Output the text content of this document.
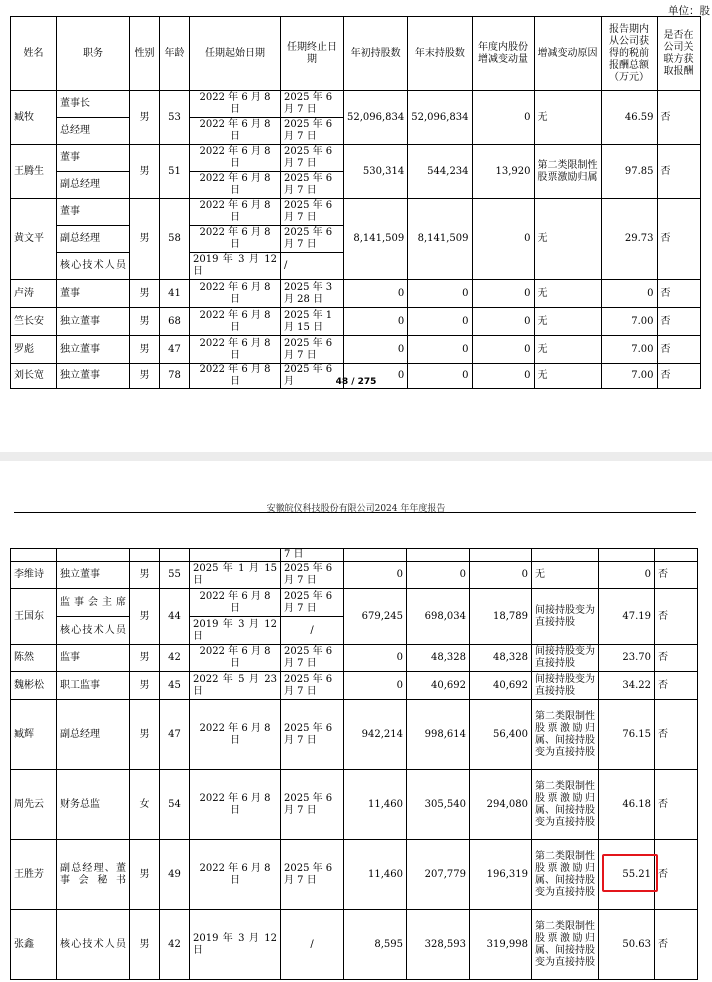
单位：股
姓名	职务	性别	年龄	任期起始日期	任期终止日期	年初持股数	年末持股数	年度内股份增减变动量	增减变动原因	报告期内从公司获得的税前报酬总额（万元）	是否在公司关联方获取报酬
臧牧	董事长	男	53	2022 年 6 月 8 日	2025 年 6 月 7 日	52,096,834	52,096,834	0	无	46.59	否
	总经理			2022 年 6 月 8 日	2025 年 6 月 7 日						
王腾生	董事	男	51	2022 年 6 月 8 日	2025 年 6 月 7 日	530,314	544,234	13,920	第二类限制性股票激励归属	97.85	否
	副总经理			2022 年 6 月 8 日	2025 年 6 月 7 日						
黄文平	董事	男	58	2022 年 6 月 8 日	2025 年 6 月 7 日	8,141,509	8,141,509	0	无	29.73	否
	副总经理			2022 年 6 月 8 日	2025 年 6 月 7 日						
	核心技术人员			2019 年 3 月 12 日	/						
卢涛	董事	男	41	2022 年 6 月 8 日	2025 年 3 月 28 日	0	0	0	无	0	否
竺长安	独立董事	男	68	2022 年 6 月 8 日	2025 年 1 月 15 日	0	0	0	无	7.00	否
罗彪	独立董事	男	47	2022 年 6 月 8 日	2025 年 6 月 7 日	0	0	0	无	7.00	否
刘长宽	独立董事	男	78	2022 年 6 月 8 日	2025 年 6 月	0	0	0	无	7.00	否
48 / 275
安徽皖仪科技股份有限公司2024 年年度报告
					7 日						
李维诗	独立董事	男	55	2025 年 1 月 15 日	2025 年 6 月 7 日	0	0	0	无	0	否
王国东	监事会主席	男	44	2022 年 6 月 8 日	2025 年 6 月 7 日	679,245	698,034	18,789	间接持股变为直接持股	47.19	否
	核心技术人员			2019 年 3 月 12 日	/						
陈然	监事	男	42	2022 年 6 月 8 日	2025 年 6 月 7 日	0	48,328	48,328	间接持股变为直接持股	23.70	否
魏彬松	职工监事	男	45	2022 年 5 月 23 日	2025 年 6 月 7 日	0	40,692	40,692	间接持股变为直接持股	34.22	否
臧辉	副总经理	男	47	2022 年 6 月 8 日	2025 年 6 月 7 日	942,214	998,614	56,400	第二类限制性股票激励归属、间接持股变为直接持股	76.15	否
周先云	财务总监	女	54	2022 年 6 月 8 日	2025 年 6 月 7 日	11,460	305,540	294,080	第二类限制性股票激励归属、间接持股变为直接持股	46.18	否
王胜芳	副总经理、董事会秘书	男	49	2022 年 6 月 8 日	2025 年 6 月 7 日	11,460	207,779	196,319	第二类限制性股票激励归属、间接持股变为直接持股	55.21	否
张鑫	核心技术人员	男	42	2019 年 3 月 12 日	/	8,595	328,593	319,998	第二类限制性股票激励归属、间接持股变为直接持股	50.63	否
